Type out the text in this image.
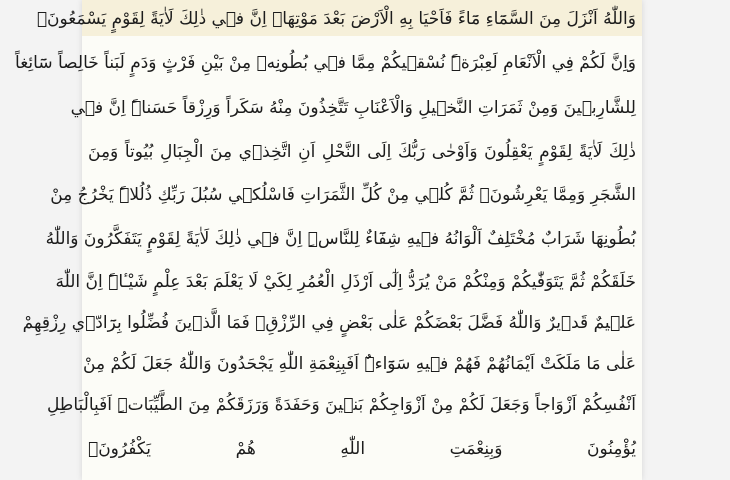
وَاللّٰهُ اَنْزَلَ مِنَ السَّمَٓاءِ مَٓاءً فَاَحْيَا بِهِ الْاَرْضَ بَعْدَ مَوْتِهَاۜ اِنَّ ف۪ي ذٰلِكَ لَاٰيَةً لِقَوْمٍ يَسْمَعُونَ۟
وَاِنَّ لَكُمْ فِي الْاَنْعَامِ لَعِبْرَةًۜ نُسْق۪يكُمْ مِمَّا ف۪ي بُطُونِه۪ مِنْ بَيْنِ فَرْثٍ وَدَمٍ لَبَناً خَالِصاً سَٓائِغاً
لِلشَّارِب۪ينَ وَمِنْ ثَمَرَاتِ النَّخ۪يلِ وَالْاَعْنَابِ تَتَّخِذُونَ مِنْهُ سَكَراً وَرِزْقاً حَسَناًۜ اِنَّ ف۪ي
ذٰلِكَ لَاٰيَةً لِقَوْمٍ يَعْقِلُونَ وَاَوْحٰى رَبُّكَ اِلَى النَّحْلِ اَنِ اتَّخِذ۪ي مِنَ الْجِبَالِ بُيُوتاً وَمِنَ
الشَّجَرِ وَمِمَّا يَعْرِشُونَۙ ثُمَّ كُل۪ي مِنْ كُلِّ الثَّمَرَاتِ فَاسْلُك۪ي سُبُلَ رَبِّكِ ذُلُلاًۜ يَخْرُجُ مِنْ
بُطُونِهَا شَرَابٌ مُخْتَلِفٌ اَلْوَانُهُ ف۪يهِ شِفَٓاءٌ لِلنَّاسِۜ اِنَّ ف۪ي ذٰلِكَ لَاٰيَةً لِقَوْمٍ يَتَفَكَّرُونَ وَاللّٰهُ
خَلَقَكُمْ ثُمَّ يَتَوَفّٰيكُمْ وَمِنْكُمْ مَنْ يُرَدُّ اِلٰٓى اَرْذَلِ الْعُمُرِ لِكَيْ لَا يَعْلَمَ بَعْدَ عِلْمٍ شَيْـٔاًۜ اِنَّ اللّٰهَ
عَل۪يمٌ قَد۪يرٌ وَاللّٰهُ فَضَّلَ بَعْضَكُمْ عَلٰى بَعْضٍ فِي الرِّزْقِۚ فَمَا الَّذ۪ينَ فُضِّلُوا بِرَٓادّ۪ي رِزْقِهِمْ
عَلٰى مَا مَلَكَتْ اَيْمَانُهُمْ فَهُمْ ف۪يهِ سَوَٓاءٌۜ اَفَبِنِعْمَةِ اللّٰهِ يَجْحَدُونَ وَاللّٰهُ جَعَلَ لَكُمْ مِنْ
اَنْفُسِكُمْ اَزْوَاجاً وَجَعَلَ لَكُمْ مِنْ اَزْوَاجِكُمْ بَن۪ينَ وَحَفَدَةً وَرَزَقَكُمْ مِنَ الطَّيِّبَاتِۜ اَفَبِالْبَاطِلِ
يُؤْمِنُونَ وَبِنِعْمَتِ اللّٰهِ هُمْ يَكْفُرُونَۙ
